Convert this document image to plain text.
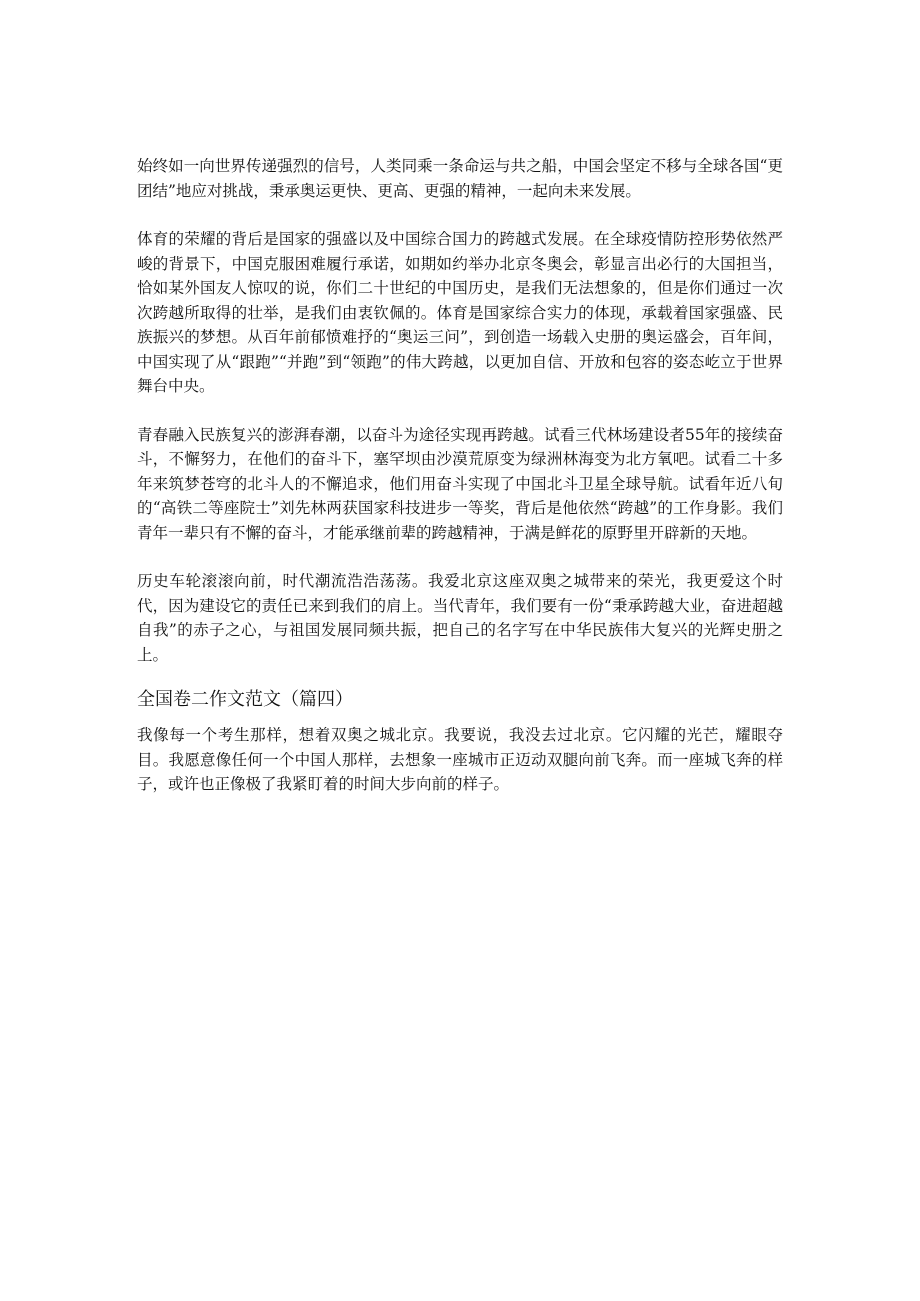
始终如一向世界传递强烈的信号，人类同乘一条命运与共之船，中国会坚定不移与全球各国“更团结”地应对挑战，秉承奥运更快、更高、更强的精神，一起向未来发展。

体育的荣耀的背后是国家的强盛以及中国综合国力的跨越式发展。在全球疫情防控形势依然严峻的背景下，中国克服困难履行承诺，如期如约举办北京冬奥会，彰显言出必行的大国担当，恰如某外国友人惊叹的说，你们二十世纪的中国历史，是我们无法想象的，但是你们通过一次次跨越所取得的壮举，是我们由衷钦佩的。体育是国家综合实力的体现，承载着国家强盛、民族振兴的梦想。从百年前郁愤难抒的“奥运三问”，到创造一场载入史册的奥运盛会，百年间，中国实现了从“跟跑”“并跑”到“领跑”的伟大跨越，以更加自信、开放和包容的姿态屹立于世界舞台中央。

青春融入民族复兴的澎湃春潮，以奋斗为途径实现再跨越。试看三代林场建设者55年的接续奋斗，不懈努力，在他们的奋斗下，塞罕坝由沙漠荒原变为绿洲林海变为北方氧吧。试看二十多年来筑梦苍穹的北斗人的不懈追求，他们用奋斗实现了中国北斗卫星全球导航。试看年近八旬的“高铁二等座院士”刘先林两获国家科技进步一等奖，背后是他依然“跨越”的工作身影。我们青年一辈只有不懈的奋斗，才能承继前辈的跨越精神，于满是鲜花的原野里开辟新的天地。

历史车轮滚滚向前，时代潮流浩浩荡荡。我爱北京这座双奥之城带来的荣光，我更爱这个时代，因为建设它的责任已来到我们的肩上。当代青年，我们要有一份“秉承跨越大业，奋进超越自我”的赤子之心，与祖国发展同频共振，把自己的名字写在中华民族伟大复兴的光辉史册之上。

全国卷二作文范文（篇四）

我像每一个考生那样，想着双奥之城北京。我要说，我没去过北京。它闪耀的光芒，耀眼夺目。我愿意像任何一个中国人那样，去想象一座城市正迈动双腿向前飞奔。而一座城飞奔的样子，或许也正像极了我紧盯着的时间大步向前的样子。
